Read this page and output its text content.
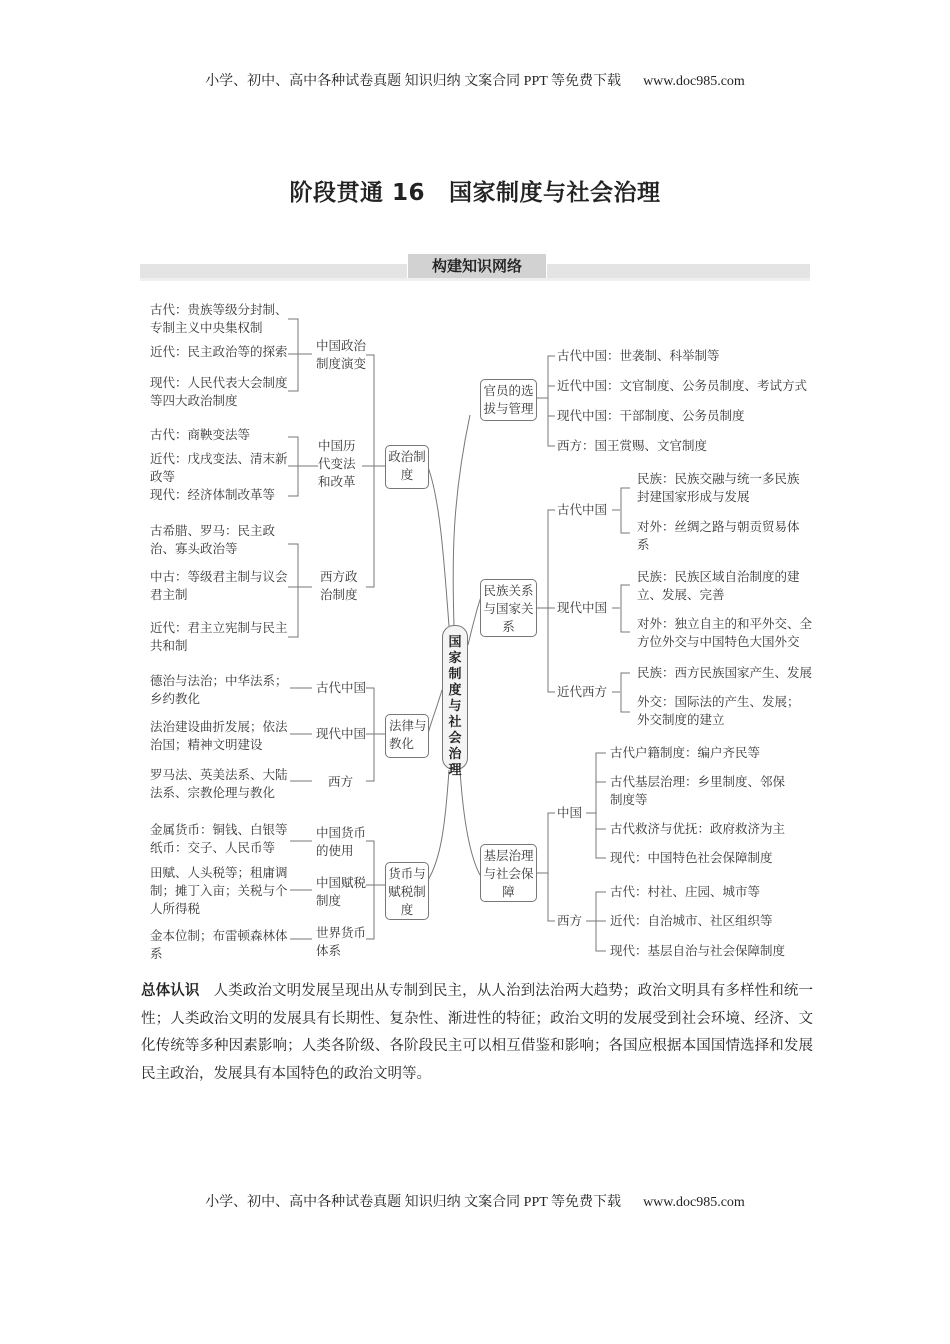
小学、初中、高中各种试卷真题 知识归纳 文案合同 PPT 等免费下载 www.doc985.com
阶段贯通 16 国家制度与社会治理
构建知识网络
古代：贵族等级分封制、专制主义中央集权制
近代：民主政治等的探索
现代：人民代表大会制度等四大政治制度
中国政治制度演变
古代：商鞅变法等
近代：戊戌变法、清末新政等
现代：经济体制改革等
中国历代变法和改革
古希腊、罗马：民主政治、寡头政治等
中古：等级君主制与议会君主制
近代：君主立宪制与民主共和制
西方政治制度
政治制度
德治与法治；中华法系；乡约教化
古代中国
法治建设曲折发展；依法治国；精神文明建设
现代中国
罗马法、英美法系、大陆法系、宗教伦理与教化
西方
法律与教化
金属货币：铜钱、白银等 纸币：交子、人民币等
中国货币的使用
田赋、人头税等；租庸调制；摊丁入亩；关税与个人所得税
中国赋税制度
金本位制；布雷顿森林体系
世界货币体系
货币与赋税制度
国家制度与社会治理
官员的选拔与管理
古代中国：世袭制、科举制等
近代中国：文官制度、公务员制度、考试方式
现代中国：干部制度、公务员制度
西方：国王赏赐、文官制度
民族关系与国家关系
古代中国
民族：民族交融与统一多民族封建国家形成与发展
对外：丝绸之路与朝贡贸易体系
现代中国
民族：民族区域自治制度的建立、发展、完善
对外：独立自主的和平外交、全方位外交与中国特色大国外交
近代西方
民族：西方民族国家产生、发展
外交：国际法的产生、发展；外交制度的建立
基层治理与社会保障
中国
古代户籍制度：编户齐民等
古代基层治理：乡里制度、邻保制度等
古代救济与优抚：政府救济为主
现代：中国特色社会保障制度
西方
古代：村社、庄园、城市等
近代：自治城市、社区组织等
现代：基层自治与社会保障制度
总体认识 人类政治文明发展呈现出从专制到民主，从人治到法治两大趋势；政治文明具有多样性和统一性；人类政治文明的发展具有长期性、复杂性、渐进性的特征；政治文明的发展受到社会环境、经济、文化传统等多种因素影响；人类各阶级、各阶段民主可以相互借鉴和影响；各国应根据本国国情选择和发展民主政治，发展具有本国特色的政治文明等。
小学、初中、高中各种试卷真题 知识归纳 文案合同 PPT 等免费下载 www.doc985.com
